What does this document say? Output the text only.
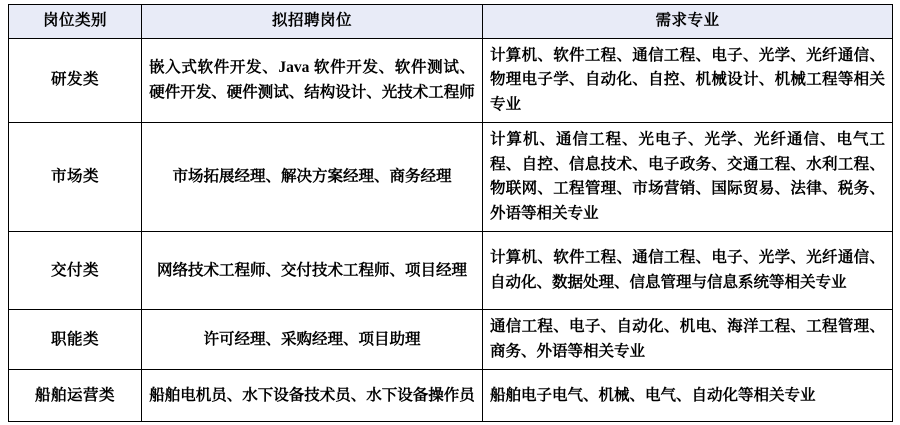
岗位类别	拟招聘岗位	需求专业
研发类	嵌入式软件开发、Java 软件开发、软件测试、硬件开发、硬件测试、结构设计、光技术工程师	计算机、软件工程、通信工程、电子、光学、光纤通信、物理电子学、自动化、自控、机械设计、机械工程等相关专业

市场类	市场拓展经理、解决方案经理、商务经理	计算机、通信工程、光电子、光学、光纤通信、电气工程、自控、信息技术、电子政务、交通工程、水利工程、物联网、工程管理、市场营销、国际贸易、法律、税务、外语等相关专业

交付类	网络技术工程师、交付技术工程师、项目经理	计算机、软件工程、通信工程、电子、光学、光纤通信、自动化、数据处理、信息管理与信息系统等相关专业

职能类	许可经理、采购经理、项目助理	通信工程、电子、自动化、机电、海洋工程、工程管理、商务、外语等相关专业

船舶运营类	船舶电机员、水下设备技术员、水下设备操作员	船舶电子电气、机械、电气、自动化等相关专业
